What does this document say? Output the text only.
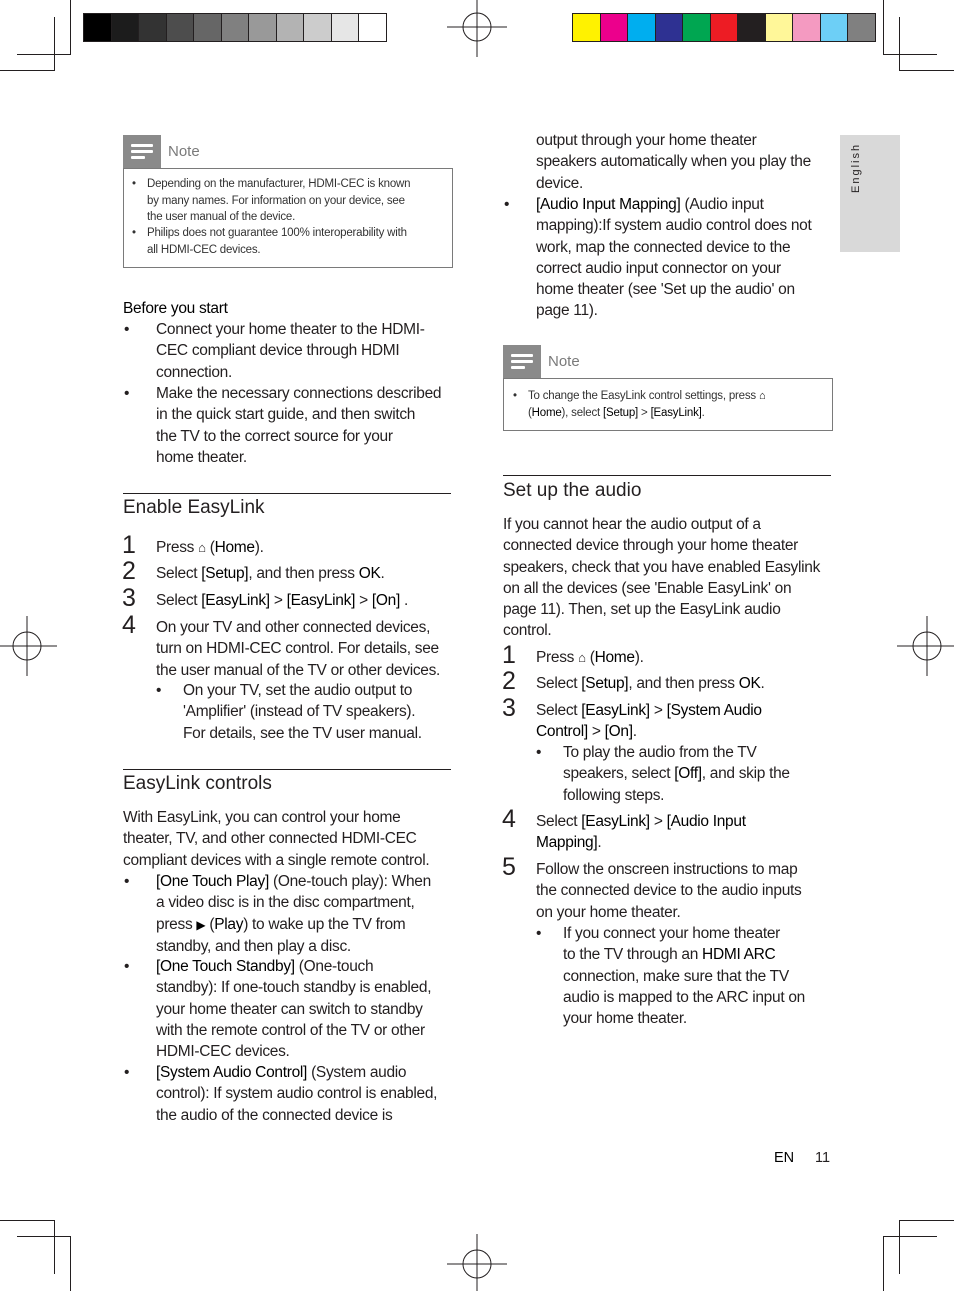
English
Note
• Depending on the manufacturer, HDMI-CEC is known
by many names. For information on your device, see
the user manual of the device.
• Philips does not guarantee 100% interoperability with
all HDMI-CEC devices.
Before you start
• Connect your home theater to the HDMI-
CEC compliant device through HDMI
connection.
• Make the necessary connections described
in the quick start guide, and then switch
the TV to the correct source for your
home theater.
Enable EasyLink
1 Press ⌂ (Home).
2 Select [Setup], and then press OK.
3 Select [EasyLink] > [EasyLink] > [On] .
4 On your TV and other connected devices,
turn on HDMI-CEC control. For details, see
the user manual of the TV or other devices.
• On your TV, set the audio output to
'Amplifier' (instead of TV speakers).
For details, see the TV user manual.
EasyLink controls
With EasyLink, you can control your home
theater, TV, and other connected HDMI-CEC
compliant devices with a single remote control.
• [One Touch Play] (One-touch play): When
a video disc is in the disc compartment,
press ▶ (Play) to wake up the TV from
standby, and then play a disc.
• [One Touch Standby] (One-touch
standby): If one-touch standby is enabled,
your home theater can switch to standby
with the remote control of the TV or other
HDMI-CEC devices.
• [System Audio Control] (System audio
control): If system audio control is enabled,
the audio of the connected device is
output through your home theater
speakers automatically when you play the
device.
• [Audio Input Mapping] (Audio input
mapping):If system audio control does not
work, map the connected device to the
correct audio input connector on your
home theater (see 'Set up the audio' on
page 11).
Note
• To change the EasyLink control settings, press ⌂
(Home), select [Setup] > [EasyLink].
Set up the audio
If you cannot hear the audio output of a
connected device through your home theater
speakers, check that you have enabled Easylink
on all the devices (see 'Enable EasyLink' on
page 11). Then, set up the EasyLink audio
control.
1 Press ⌂ (Home).
2 Select [Setup], and then press OK.
3 Select [EasyLink] > [System Audio
Control] > [On].
• To play the audio from the TV
speakers, select [Off], and skip the
following steps.
4 Select [EasyLink] > [Audio Input
Mapping].
5 Follow the onscreen instructions to map
the connected device to the audio inputs
on your home theater.
• If you connect your home theater
to the TV through an HDMI ARC
connection, make sure that the TV
audio is mapped to the ARC input on
your home theater.
EN 11
